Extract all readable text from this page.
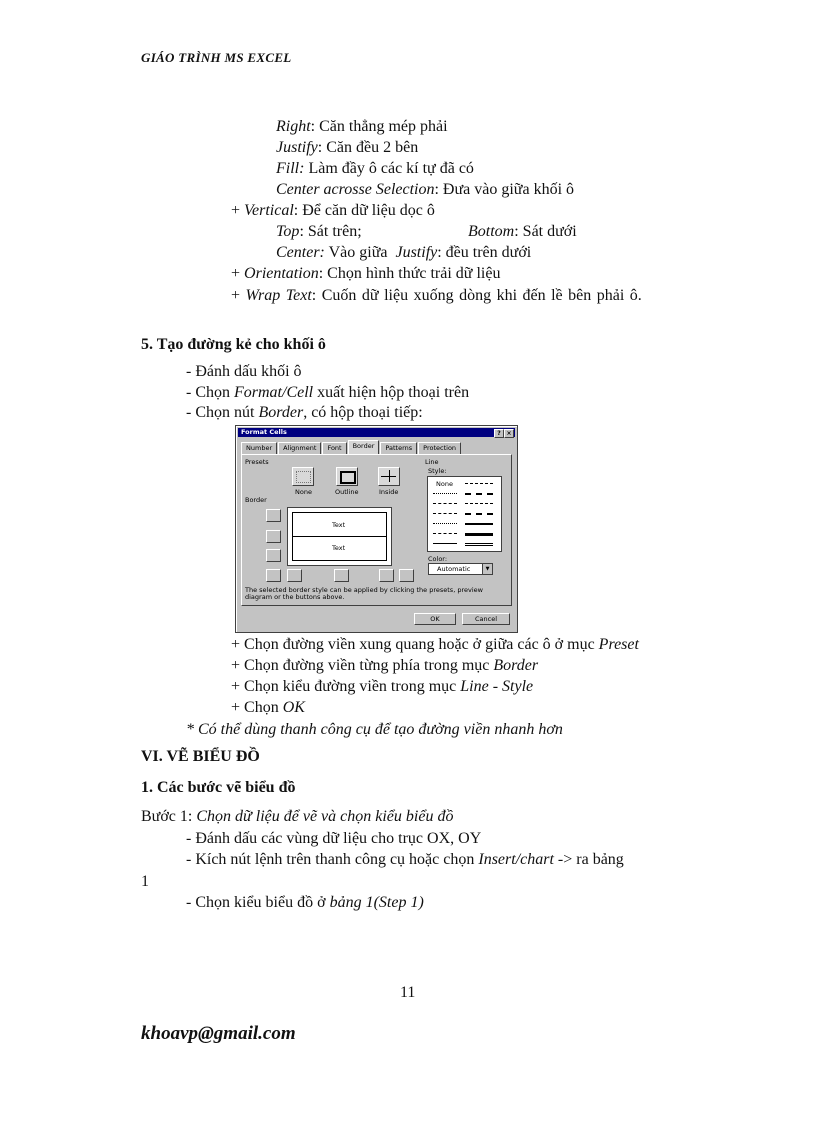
GIÁO TRÌNH MS EXCEL
Right: Căn thẳng mép phải
Justify: Căn đều 2 bên
Fill: Làm đầy ô các kí tự đã có
Center acrosse Selection: Đưa vào giữa khối ô
+ Vertical: Để căn dữ liệu dọc ô
Top: Sát trên;	Bottom: Sát dưới
Center: Vào giữa Justify: đều trên dưới
+ Orientation: Chọn hình thức trải dữ liệu
+ Wrap Text: Cuốn dữ liệu xuống dòng khi đến lề bên phải ô.
5. Tạo đường kẻ cho khối ô
- Đánh dấu khối ô
- Chọn Format/Cell xuất hiện hộp thoại trên
- Chọn nút Border, có hộp thoại tiếp:
Format Cells	? ×
Number	Alignment	Font	Border	Patterns	Protection
Presets
None	Outline	Inside
Border
Text
Text
Line
Style:
None
Color:
Automatic	▼
The selected border style can be applied by clicking the presets, preview diagram or the buttons above.
OK	Cancel
+ Chọn đường viền xung quang hoặc ở giữa các ô ở mục Preset
+ Chọn đường viền từng phía trong mục Border
+ Chọn kiểu đường viền trong mục Line - Style
+ Chọn OK
* Có thể dùng thanh công cụ để tạo đường viền nhanh hơn
VI. VẼ BIỂU ĐỒ
1. Các bước vẽ biểu đồ
Bước 1: Chọn dữ liệu để vẽ và chọn kiểu biểu đồ
- Đánh dấu các vùng dữ liệu cho trục OX, OY
- Kích nút lệnh trên thanh công cụ hoặc chọn Insert/chart -> ra bảng
1
- Chọn kiểu biểu đồ ở bảng 1(Step 1)
11
khoavp@gmail.com
